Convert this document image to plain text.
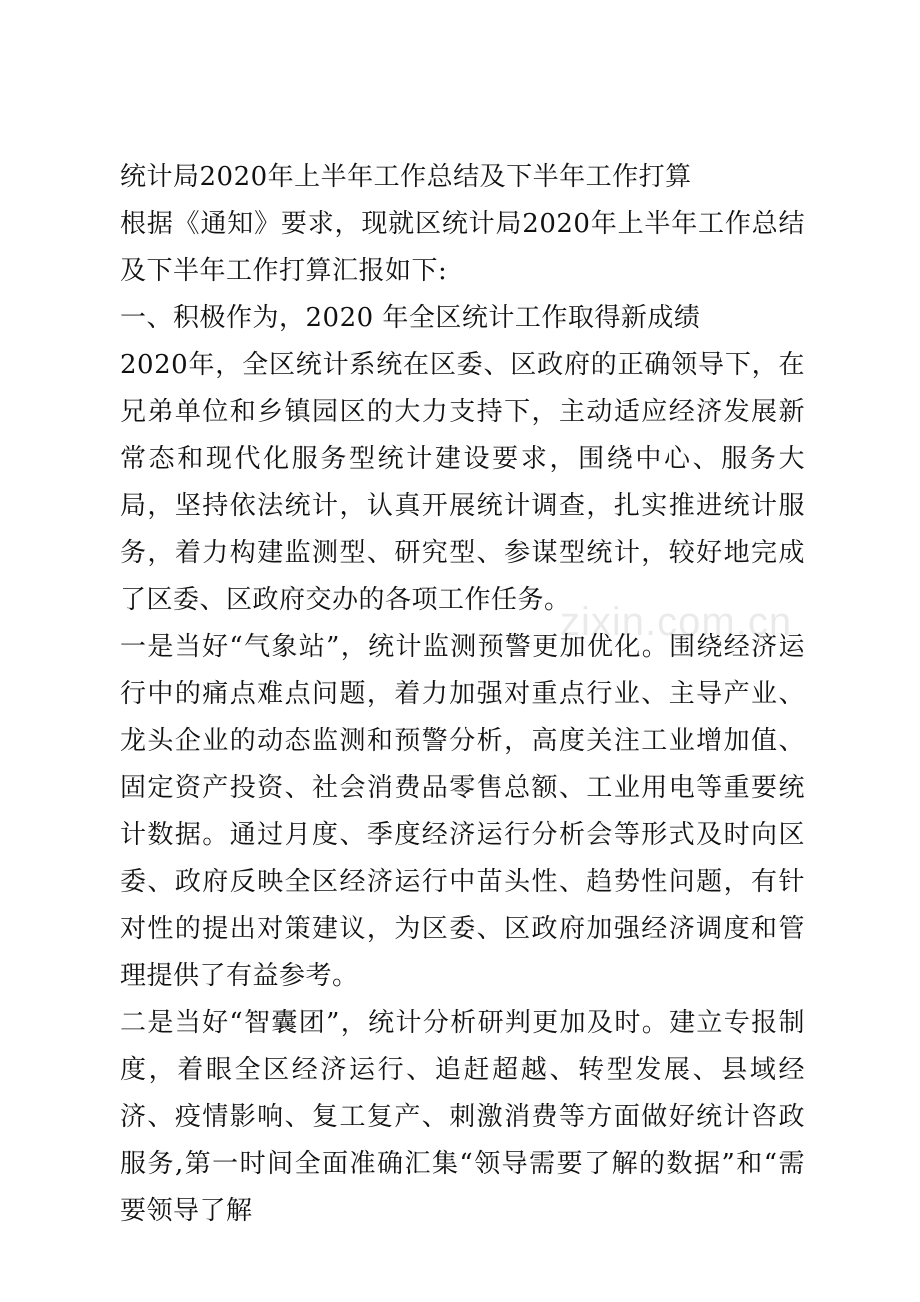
统计局2020年上半年工作总结及下半年工作打算

根据《通知》要求，现就区统计局2020年上半年工作总结及下半年工作打算汇报如下:

一、积极作为，2020 年全区统计工作取得新成绩

2020年，全区统计系统在区委、区政府的正确领导下，在兄弟单位和乡镇园区的大力支持下，主动适应经济发展新常态和现代化服务型统计建设要求，围绕中心、服务大局，坚持依法统计，认真开展统计调查，扎实推进统计服务，着力构建监测型、研究型、参谋型统计，较好地完成了区委、区政府交办的各项工作任务。

一是当好“气象站”，统计监测预警更加优化。围绕经济运行中的痛点难点问题，着力加强对重点行业、主导产业、龙头企业的动态监测和预警分析，高度关注工业增加值、固定资产投资、社会消费品零售总额、工业用电等重要统计数据。通过月度、季度经济运行分析会等形式及时向区委、政府反映全区经济运行中苗头性、趋势性问题，有针对性的提出对策建议，为区委、区政府加强经济调度和管理提供了有益参考。

二是当好“智囊团”，统计分析研判更加及时。建立专报制度，着眼全区经济运行、追赶超越、转型发展、县域经济、疫情影响、复工复产、刺激消费等方面做好统计咨政服务,第一时间全面准确汇集“领导需要了解的数据”和“需要领导了解

zixin.com.cn
